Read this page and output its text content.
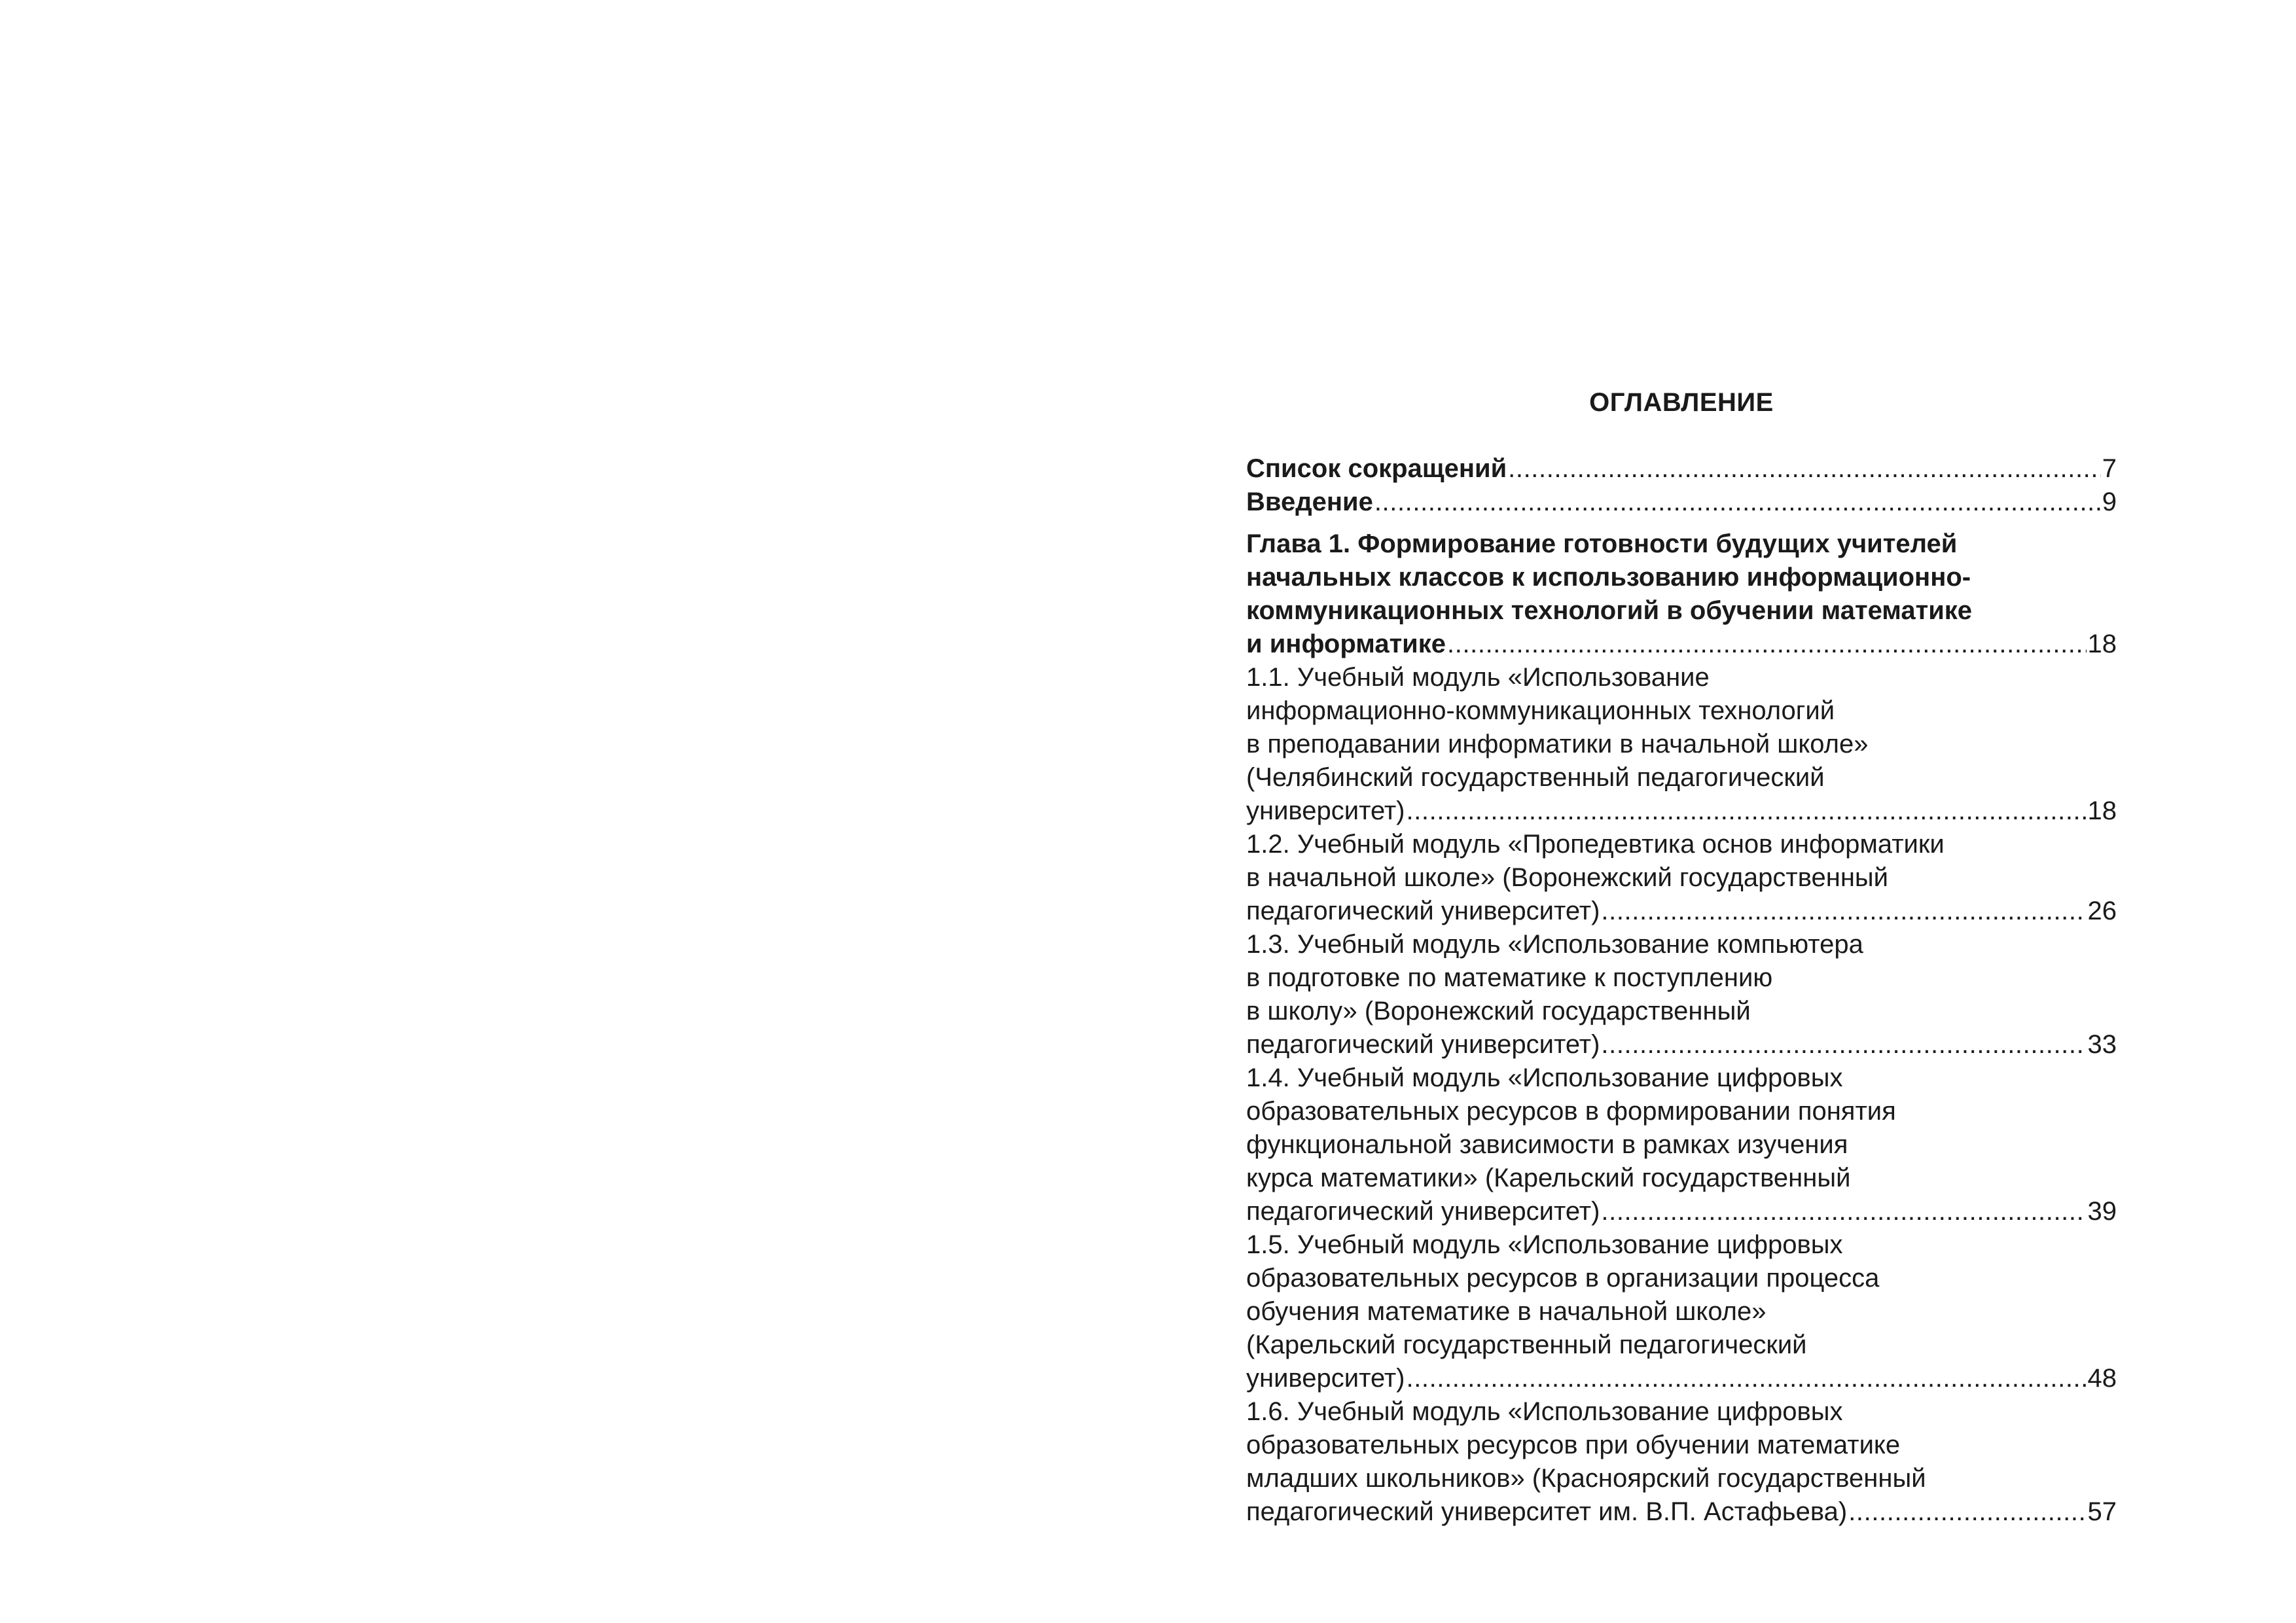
ОГЛАВЛЕНИЕ
Список сокращений .....	7
Введение .....	9
Глава 1. Формирование готовности будущих учителей
начальных классов к использованию информационно-
коммуникационных технологий в обучении математике
и информатике .....	18
1.1. Учебный модуль «Использование
информационно-коммуникационных технологий
в преподавании информатики в начальной школе»
(Челябинский государственный педагогический
университет) .....	18
1.2. Учебный модуль «Пропедевтика основ информатики
в начальной школе» (Воронежский государственный
педагогический университет) .....	26
1.3. Учебный модуль «Использование компьютера
в подготовке по математике к поступлению
в школу» (Воронежский государственный
педагогический университет) .....	33
1.4. Учебный модуль «Использование цифровых
образовательных ресурсов в формировании понятия
функциональной зависимости в рамках изучения
курса математики» (Карельский государственный
педагогический университет) .....	39
1.5. Учебный модуль «Использование цифровых
образовательных ресурсов в организации процесса
обучения математике в начальной школе»
(Карельский государственный педагогический
университет) .....	48
1.6. Учебный модуль «Использование цифровых
образовательных ресурсов при обучении математике
младших школьников» (Красноярский государственный
педагогический университет им. В.П. Астафьева) .....	57
